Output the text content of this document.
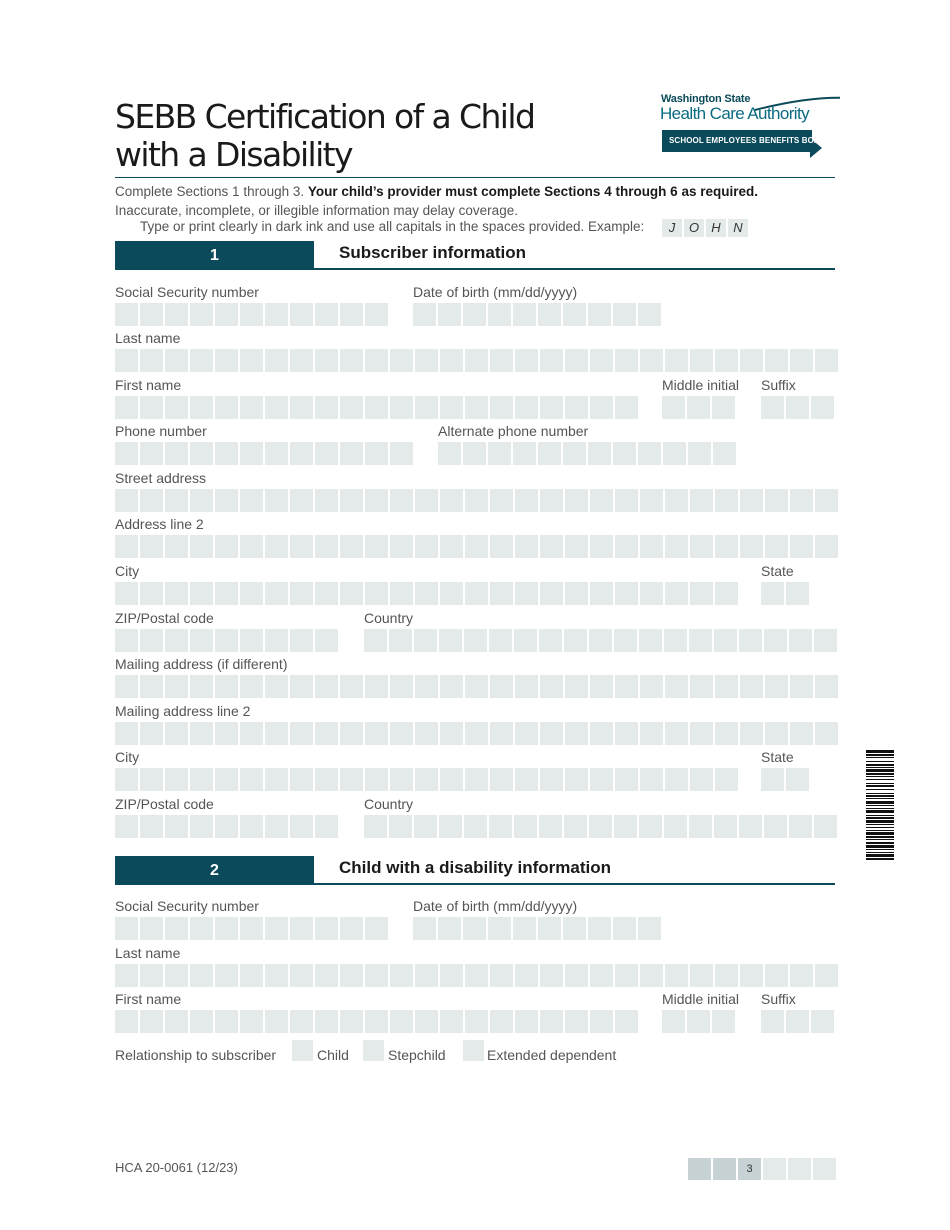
SEBB Certification of a Child
with a Disability
Washington State
Health Care Authority
SCHOOL EMPLOYEES BENEFITS BOARD
Complete Sections 1 through 3. Your child’s provider must complete Sections 4 through 6 as required.
Inaccurate, incomplete, or illegible information may delay coverage.
Type or print clearly in dark ink and use all capitals in the spaces provided. Example:	J	O H N
1	Subscriber information
Social Security number	Date of birth (mm/dd/yyyy)
Last name
First name	Middle initial Suffix
Phone number	Alternate phone number
Street address
Address line 2
City	State
ZIP/Postal code	Country
Mailing address (if different)
Mailing address line 2
City	State
ZIP/Postal code	Country
2	Child with a disability information
Social Security number	Date of birth (mm/dd/yyyy)
Last name
First name	Middle initial Suffix
Relationship to subscriber	Child	Stepchild	Extended dependent
HCA 20-0061 (12/23)	3
